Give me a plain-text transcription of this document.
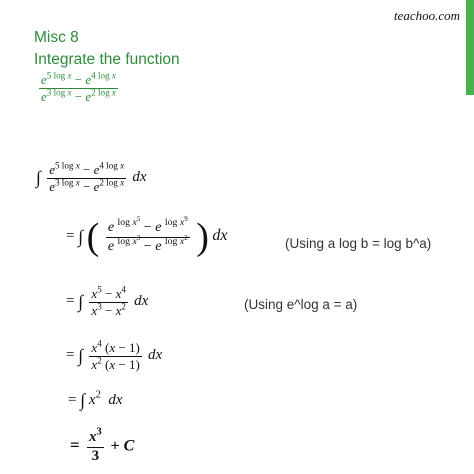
teachoo.com
Misc 8
Integrate the function
$\frac{e^{5 log x} - e^{4 log x}}{e^{3 log x} - e^{2 log x}}$
∫ $\frac{e^{5 log x} - e^{4 log x}}{e^{3 log x} - e^{2 log x}}$ dx
= ∫ ( $\frac{e ^{log x^5} - e ^{log x^9}}{e ^{log x^3} - e ^{log x^2}}$ ) dx	(Using a log b = log b^a)
= ∫ $\frac{x^5 - x^4}{x^3 - x^2}$ dx	(Using e^log a = a)
= ∫ $\frac{x^4 (x - 1)}{x^2 (x - 1)}$ dx
= ∫ $x^2$ dx
= $\frac{x^3}{3} + C$
